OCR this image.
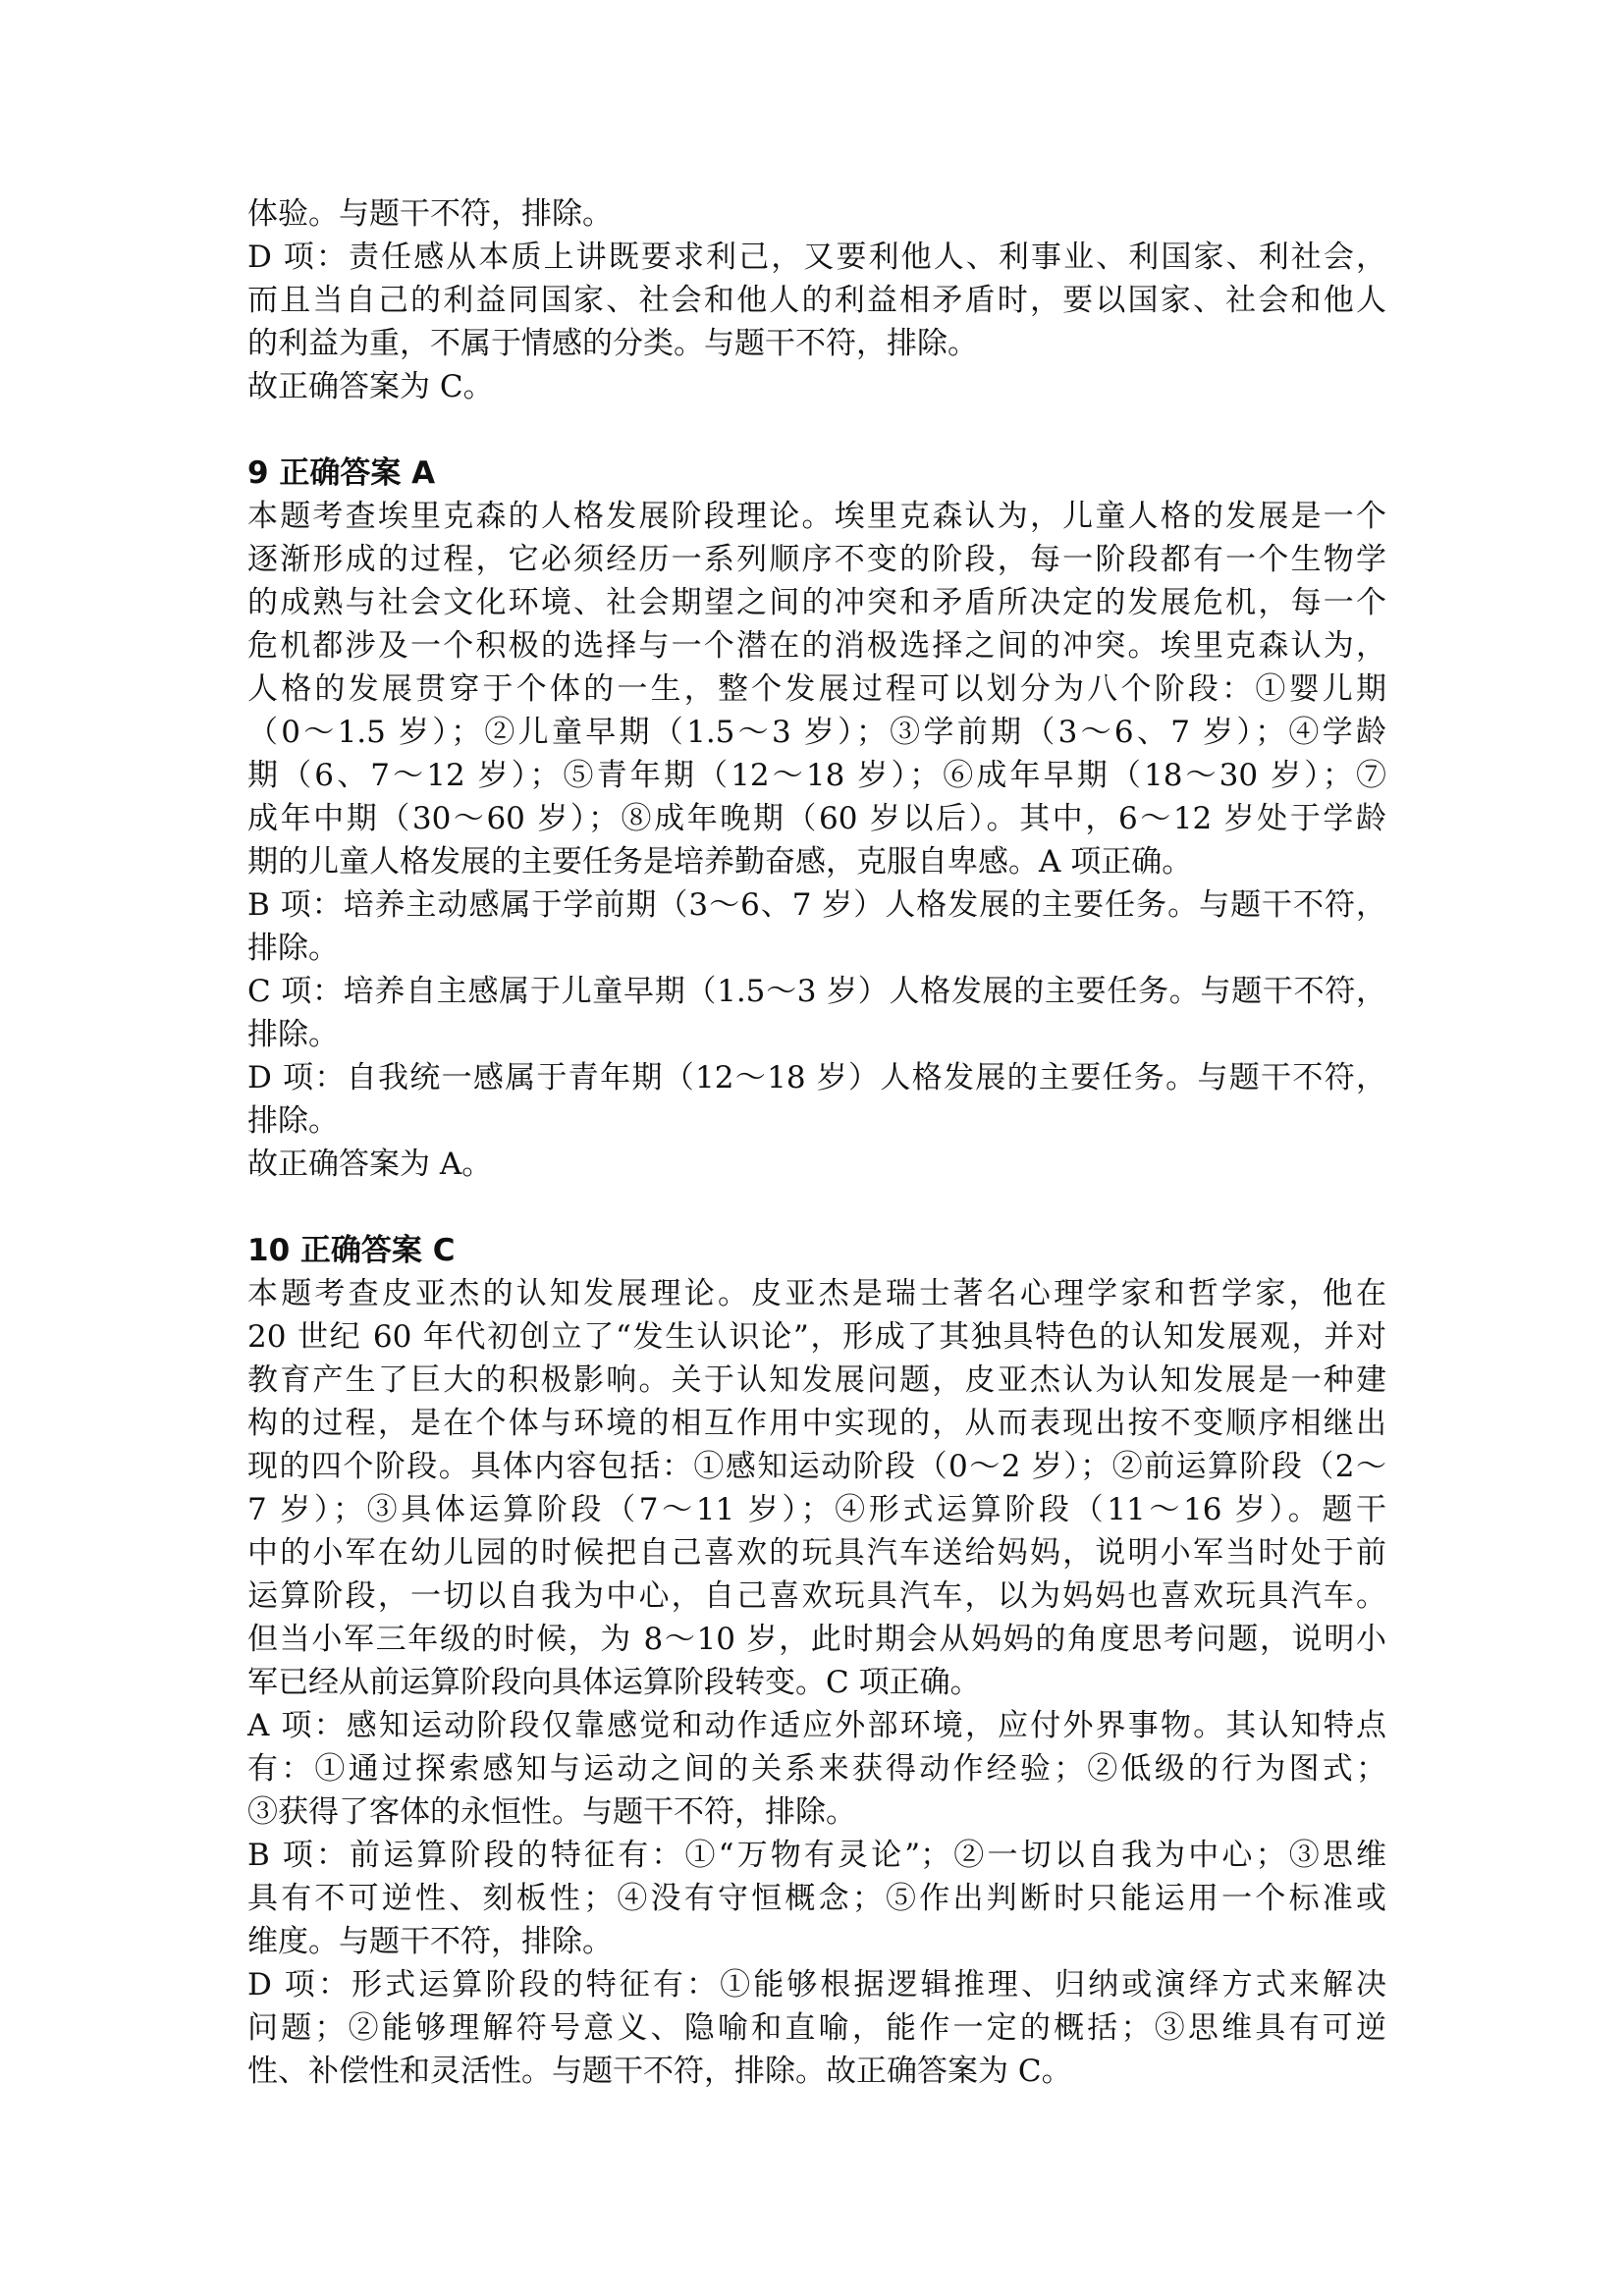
体验。与题干不符，排除。
D 项：责任感从本质上讲既要求利己，又要利他人、利事业、利国家、利社会，
而且当自己的利益同国家、社会和他人的利益相矛盾时，要以国家、社会和他人
的利益为重，不属于情感的分类。与题干不符，排除。
故正确答案为 C。
9 正确答案 A
本题考查埃里克森的人格发展阶段理论。埃里克森认为，儿童人格的发展是一个
逐渐形成的过程，它必须经历一系列顺序不变的阶段，每一阶段都有一个生物学
的成熟与社会文化环境、社会期望之间的冲突和矛盾所决定的发展危机，每一个
危机都涉及一个积极的选择与一个潜在的消极选择之间的冲突。埃里克森认为，
人格的发展贯穿于个体的一生，整个发展过程可以划分为八个阶段：①婴儿期
（0～1.5 岁）；②儿童早期（1.5～3 岁）；③学前期（3～6、7 岁）；④学龄
期（6、7～12 岁）；⑤青年期（12～18 岁）；⑥成年早期（18～30 岁）；⑦
成年中期（30～60 岁）；⑧成年晚期（60 岁以后）。其中，6～12 岁处于学龄
期的儿童人格发展的主要任务是培养勤奋感，克服自卑感。A 项正确。
B 项：培养主动感属于学前期（3～6、7 岁）人格发展的主要任务。与题干不符，
排除。
C 项：培养自主感属于儿童早期（1.5～3 岁）人格发展的主要任务。与题干不符，
排除。
D 项：自我统一感属于青年期（12～18 岁）人格发展的主要任务。与题干不符，
排除。
故正确答案为 A。
10 正确答案 C
本题考查皮亚杰的认知发展理论。皮亚杰是瑞士著名心理学家和哲学家，他在
20 世纪 60 年代初创立了“发生认识论”，形成了其独具特色的认知发展观，并对
教育产生了巨大的积极影响。关于认知发展问题，皮亚杰认为认知发展是一种建
构的过程，是在个体与环境的相互作用中实现的，从而表现出按不变顺序相继出
现的四个阶段。具体内容包括：①感知运动阶段（0～2 岁）；②前运算阶段（2～
7 岁）；③具体运算阶段（7～11 岁）；④形式运算阶段（11～16 岁）。题干
中的小军在幼儿园的时候把自己喜欢的玩具汽车送给妈妈，说明小军当时处于前
运算阶段，一切以自我为中心，自己喜欢玩具汽车，以为妈妈也喜欢玩具汽车。
但当小军三年级的时候，为 8～10 岁，此时期会从妈妈的角度思考问题，说明小
军已经从前运算阶段向具体运算阶段转变。C 项正确。
A 项：感知运动阶段仅靠感觉和动作适应外部环境，应付外界事物。其认知特点
有：①通过探索感知与运动之间的关系来获得动作经验；②低级的行为图式；
③获得了客体的永恒性。与题干不符，排除。
B 项：前运算阶段的特征有：①“万物有灵论”；②一切以自我为中心；③思维
具有不可逆性、刻板性；④没有守恒概念；⑤作出判断时只能运用一个标准或
维度。与题干不符，排除。
D 项：形式运算阶段的特征有：①能够根据逻辑推理、归纳或演绎方式来解决
问题；②能够理解符号意义、隐喻和直喻，能作一定的概括；③思维具有可逆
性、补偿性和灵活性。与题干不符，排除。故正确答案为 C。
